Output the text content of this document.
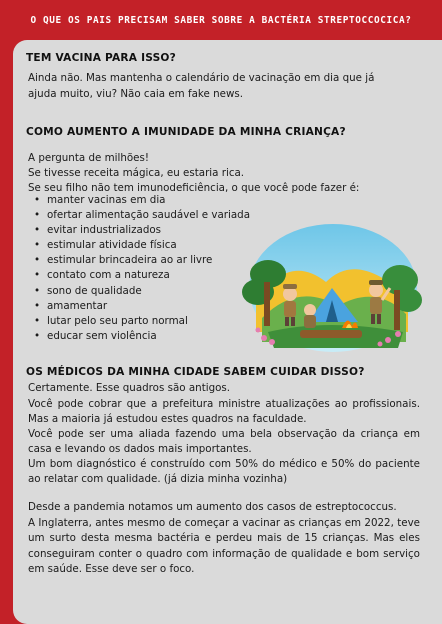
O QUE OS PAIS PRECISAM SABER SOBRE A BACTÉRIA STREPTOCCOCICA?
TEM VACINA PARA ISSO?

Ainda não. Mas mantenha o calendário de vacinação em dia que já

ajuda muito, viu? Não caia em fake news.

COMO AUMENTO A IMUNIDADE DA MINHA CRIANÇA?

A pergunta de milhões!

Se tivesse receita mágica, eu estaria rica.

Se seu filho não tem imunodeficiência, o que você pode fazer é:

• manter vacinas em dia
• ofertar alimentação saudável e variada
• evitar industrializados
• estimular atividade física
• estimular brincadeira ao ar livre
• contato com a natureza
• sono de qualidade
• amamentar
• lutar pelo seu parto normal
• educar sem violência
OS MÉDICOS DA MINHA CIDADE SABEM CUIDAR DISSO?

Certamente. Esse quadros são antigos.

Você pode cobrar que a prefeitura ministre atualizações ao profissionais. Mas a maioria já estudou estes quadros na faculdade.

Você pode ser uma aliada fazendo uma bela observação da criança em casa e levando os dados mais importantes.

Um bom diagnóstico é construído com 50% do médico e 50% do paciente ao relatar com qualidade. (já dizia minha vozinha)

Desde a pandemia notamos um aumento dos casos de estreptococcus.

A Inglaterra, antes mesmo de começar a vacinar as crianças em 2022, teve um surto desta mesma bactéria e perdeu mais de 15 crianças. Mas eles conseguiram conter o quadro com informação de qualidade e bom serviço em saúde. Esse deve ser o foco.
